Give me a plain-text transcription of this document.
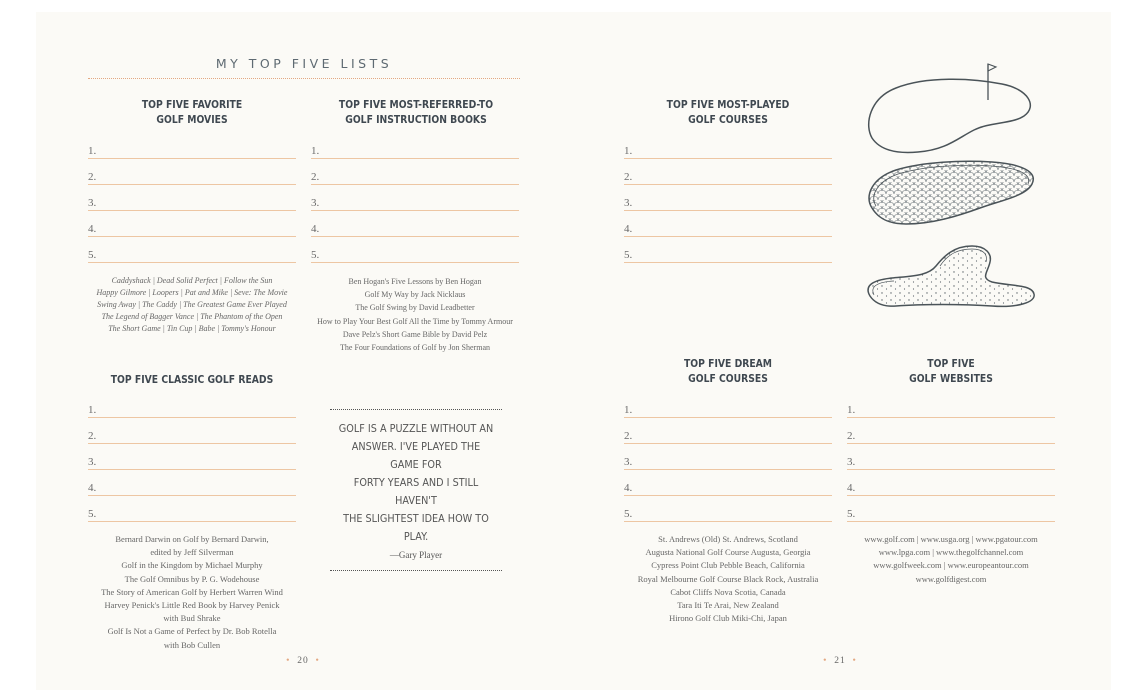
MY TOP FIVE LISTS
TOP FIVE FAVORITE
GOLF MOVIES
1.
2.
3.
4.
5.

Caddyshack | Dead Solid Perfect | Follow the Sun

Happy Gilmore | Loopers | Pat and Mike | Seve: The Movie

Swing Away | The Caddy | The Greatest Game Ever Played

The Legend of Bagger Vance | The Phantom of the Open

The Short Game | Tin Cup | Babe | Tommy's Honour

TOP FIVE MOST-REFERRED-TO
GOLF INSTRUCTION BOOKS
1.
2.
3.
4.
5.

Ben Hogan's Five Lessons by Ben Hogan

Golf My Way by Jack Nicklaus

The Golf Swing by David Leadbetter

How to Play Your Best Golf All the Time by Tommy Armour

Dave Pelz's Short Game Bible by David Pelz

The Four Foundations of Golf by Jon Sherman

TOP FIVE CLASSIC GOLF READS
1.
2.
3.
4.
5.

Bernard Darwin on Golf by Bernard Darwin,

edited by Jeff Silverman

Golf in the Kingdom by Michael Murphy

The Golf Omnibus by P. G. Wodehouse

The Story of American Golf by Herbert Warren Wind

Harvey Penick's Little Red Book by Harvey Penick

with Bud Shrake

Golf Is Not a Game of Perfect by Dr. Bob Rotella

with Bob Cullen

GOLF IS A PUZZLE WITHOUT AN
ANSWER. I'VE PLAYED THE GAME FOR
FORTY YEARS AND I STILL HAVEN'T
THE SLIGHTEST IDEA HOW TO PLAY.
—Gary Player
• 20 •
TOP FIVE MOST-PLAYED
GOLF COURSES
1.
2.
3.
4.
5.
TOP FIVE DREAM
GOLF COURSES
1.
2.
3.
4.
5.

St. Andrews (Old) St. Andrews, Scotland

Augusta National Golf Course Augusta, Georgia

Cypress Point Club Pebble Beach, California

Royal Melbourne Golf Course Black Rock, Australia

Cabot Cliffs Nova Scotia, Canada

Tara Iti Te Arai, New Zealand

Hirono Golf Club Miki-Chi, Japan

TOP FIVE
GOLF WEBSITES
1.
2.
3.
4.
5.

www.golf.com | www.usga.org | www.pgatour.com

www.lpga.com | www.thegolfchannel.com

www.golfweek.com | www.europeantour.com

www.golfdigest.com

• 21 •
